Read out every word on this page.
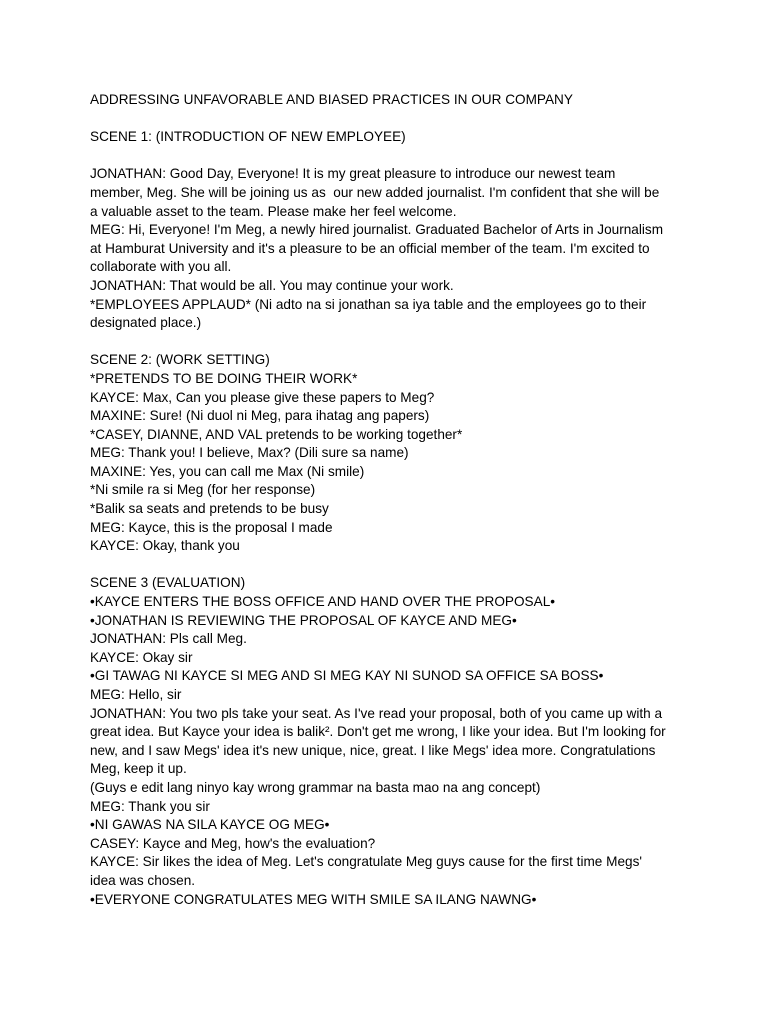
ADDRESSING UNFAVORABLE AND BIASED PRACTICES IN OUR COMPANY
SCENE 1: (INTRODUCTION OF NEW EMPLOYEE)
JONATHAN: Good Day, Everyone! It is my great pleasure to introduce our newest team
member, Meg. She will be joining us as  our new added journalist. I'm confident that she will be
a valuable asset to the team. Please make her feel welcome.
MEG: Hi, Everyone! I'm Meg, a newly hired journalist. Graduated Bachelor of Arts in Journalism
at Hamburat University and it's a pleasure to be an official member of the team. I'm excited to
collaborate with you all.
JONATHAN: That would be all. You may continue your work.
*EMPLOYEES APPLAUD* (Ni adto na si jonathan sa iya table and the employees go to their
designated place.)
SCENE 2: (WORK SETTING)
*PRETENDS TO BE DOING THEIR WORK*
KAYCE: Max, Can you please give these papers to Meg?
MAXINE: Sure! (Ni duol ni Meg, para ihatag ang papers)
*CASEY, DIANNE, AND VAL pretends to be working together*
MEG: Thank you! I believe, Max? (Dili sure sa name)
MAXINE: Yes, you can call me Max (Ni smile)
*Ni smile ra si Meg (for her response)
*Balik sa seats and pretends to be busy
MEG: Kayce, this is the proposal I made
KAYCE: Okay, thank you
SCENE 3 (EVALUATION)
•KAYCE ENTERS THE BOSS OFFICE AND HAND OVER THE PROPOSAL•
•JONATHAN IS REVIEWING THE PROPOSAL OF KAYCE AND MEG•
JONATHAN: Pls call Meg.
KAYCE: Okay sir
•GI TAWAG NI KAYCE SI MEG AND SI MEG KAY NI SUNOD SA OFFICE SA BOSS•
MEG: Hello, sir
JONATHAN: You two pls take your seat. As I've read your proposal, both of you came up with a
great idea. But Kayce your idea is balik². Don't get me wrong, I like your idea. But I'm looking for
new, and I saw Megs' idea it's new unique, nice, great. I like Megs' idea more. Congratulations
Meg, keep it up.
(Guys e edit lang ninyo kay wrong grammar na basta mao na ang concept)
MEG: Thank you sir
•NI GAWAS NA SILA KAYCE OG MEG•
CASEY: Kayce and Meg, how's the evaluation?
KAYCE: Sir likes the idea of Meg. Let's congratulate Meg guys cause for the first time Megs'
idea was chosen.
•EVERYONE CONGRATULATES MEG WITH SMILE SA ILANG NAWNG•
